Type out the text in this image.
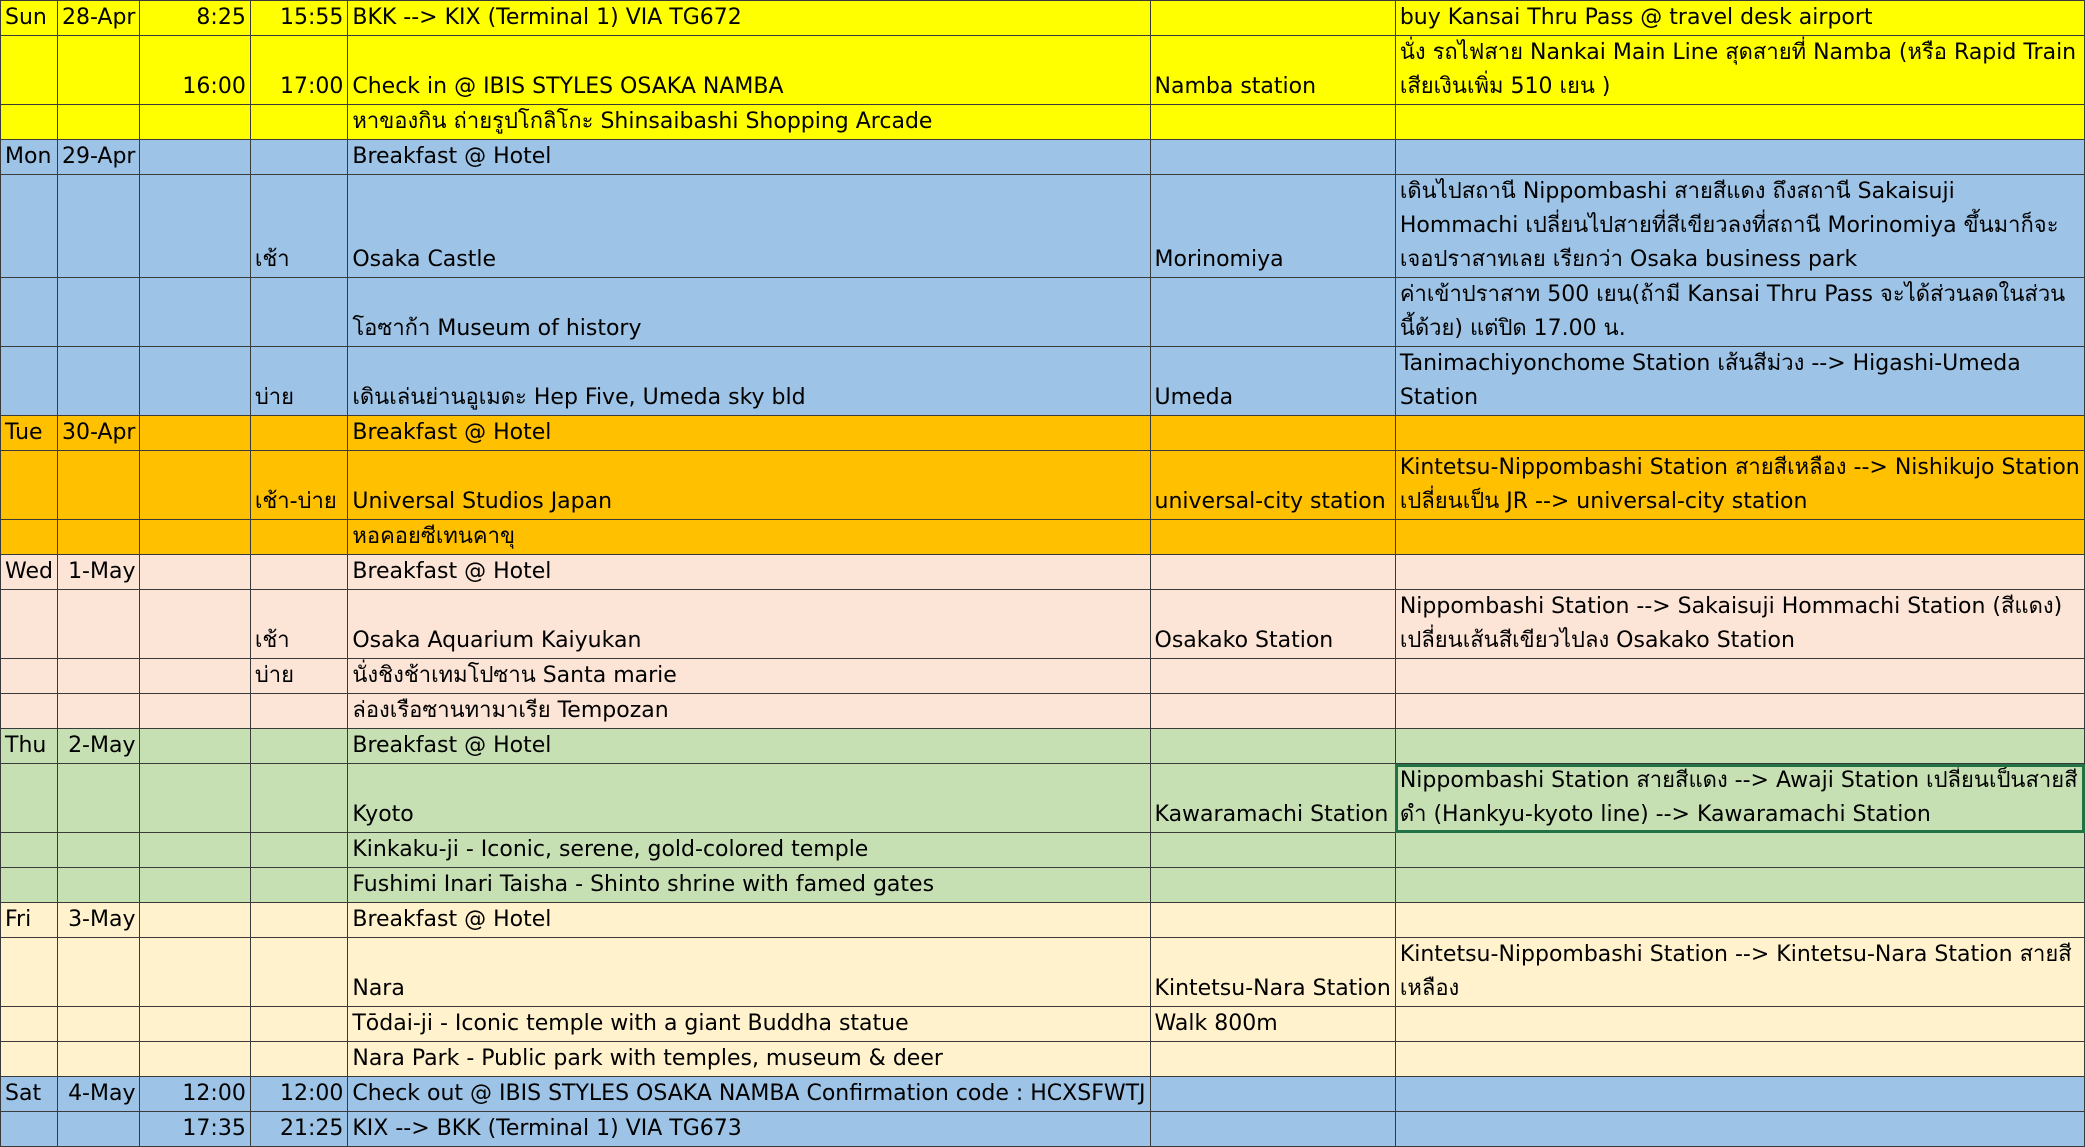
Sun	28-Apr	8:25	15:55	BKK --> KIX (Terminal 1) VIA TG672		buy Kansai Thru Pass @ travel desk airport
		16:00	17:00	Check in @ IBIS STYLES OSAKA NAMBA	Namba station	นั่ง รถไฟสาย Nankai Main Line สุดสายที่ Namba (หรือ Rapid Train เสียเงินเพิ่ม 510 เยน )
				หาของกิน ถ่ายรูปโกลิโกะ Shinsaibashi Shopping Arcade		
Mon	29-Apr			Breakfast @ Hotel		
			เช้า	Osaka Castle	Morinomiya	เดินไปสถานี Nippombashi สายสีแดง ถึงสถานี Sakaisuji Hommachi เปลี่ยนไปสายที่สีเขียวลงที่สถานี Morinomiya ขึ้นมาก็จะเจอปราสาทเลย เรียกว่า Osaka business park
				โอซาก้า Museum of history		ค่าเข้าปราสาท 500 เยน(ถ้ามี Kansai Thru Pass จะได้ส่วนลดในส่วนนี้ด้วย) แต่ปิด 17.00 น.
			บ่าย	เดินเล่นย่านอูเมดะ Hep Five, Umeda sky bld	Umeda	Tanimachiyonchome Station เส้นสีม่วง --> Higashi-Umeda Station
Tue	30-Apr			Breakfast @ Hotel		
			เช้า-บ่าย	Universal Studios Japan	universal-city station	Kintetsu-Nippombashi Station สายสีเหลือง --> Nishikujo Station เปลี่ยนเป็น JR --> universal-city station
				หอคอยซีเทนคาขุ		
Wed	1-May			Breakfast @ Hotel		
			เช้า	Osaka Aquarium Kaiyukan	Osakako Station	Nippombashi Station --> Sakaisuji Hommachi Station (สีแดง) เปลี่ยนเส้นสีเขียวไปลง Osakako Station
			บ่าย	นั่งชิงช้าเทมโปซาน Santa marie		
				ล่องเรือซานทามาเรีย Tempozan		
Thu	2-May			Breakfast @ Hotel		
				Kyoto	Kawaramachi Station	Nippombashi Station สายสีแดง --> Awaji Station เปลี่ยนเป็นสายสีดำ (Hankyu-kyoto line) --> Kawaramachi Station
				Kinkaku-ji - Iconic, serene, gold-colored temple		
				Fushimi Inari Taisha - Shinto shrine with famed gates		
Fri	3-May			Breakfast @ Hotel		
				Nara	Kintetsu-Nara Station	Kintetsu-Nippombashi Station --> Kintetsu-Nara Station สายสีเหลือง
				Tōdai-ji - Iconic temple with a giant Buddha statue	Walk 800m	
				Nara Park - Public park with temples, museum & deer		
Sat	4-May	12:00	12:00	Check out @ IBIS STYLES OSAKA NAMBA Confirmation code : HCXSFWTJ		
		17:35	21:25	KIX --> BKK (Terminal 1) VIA TG673		
